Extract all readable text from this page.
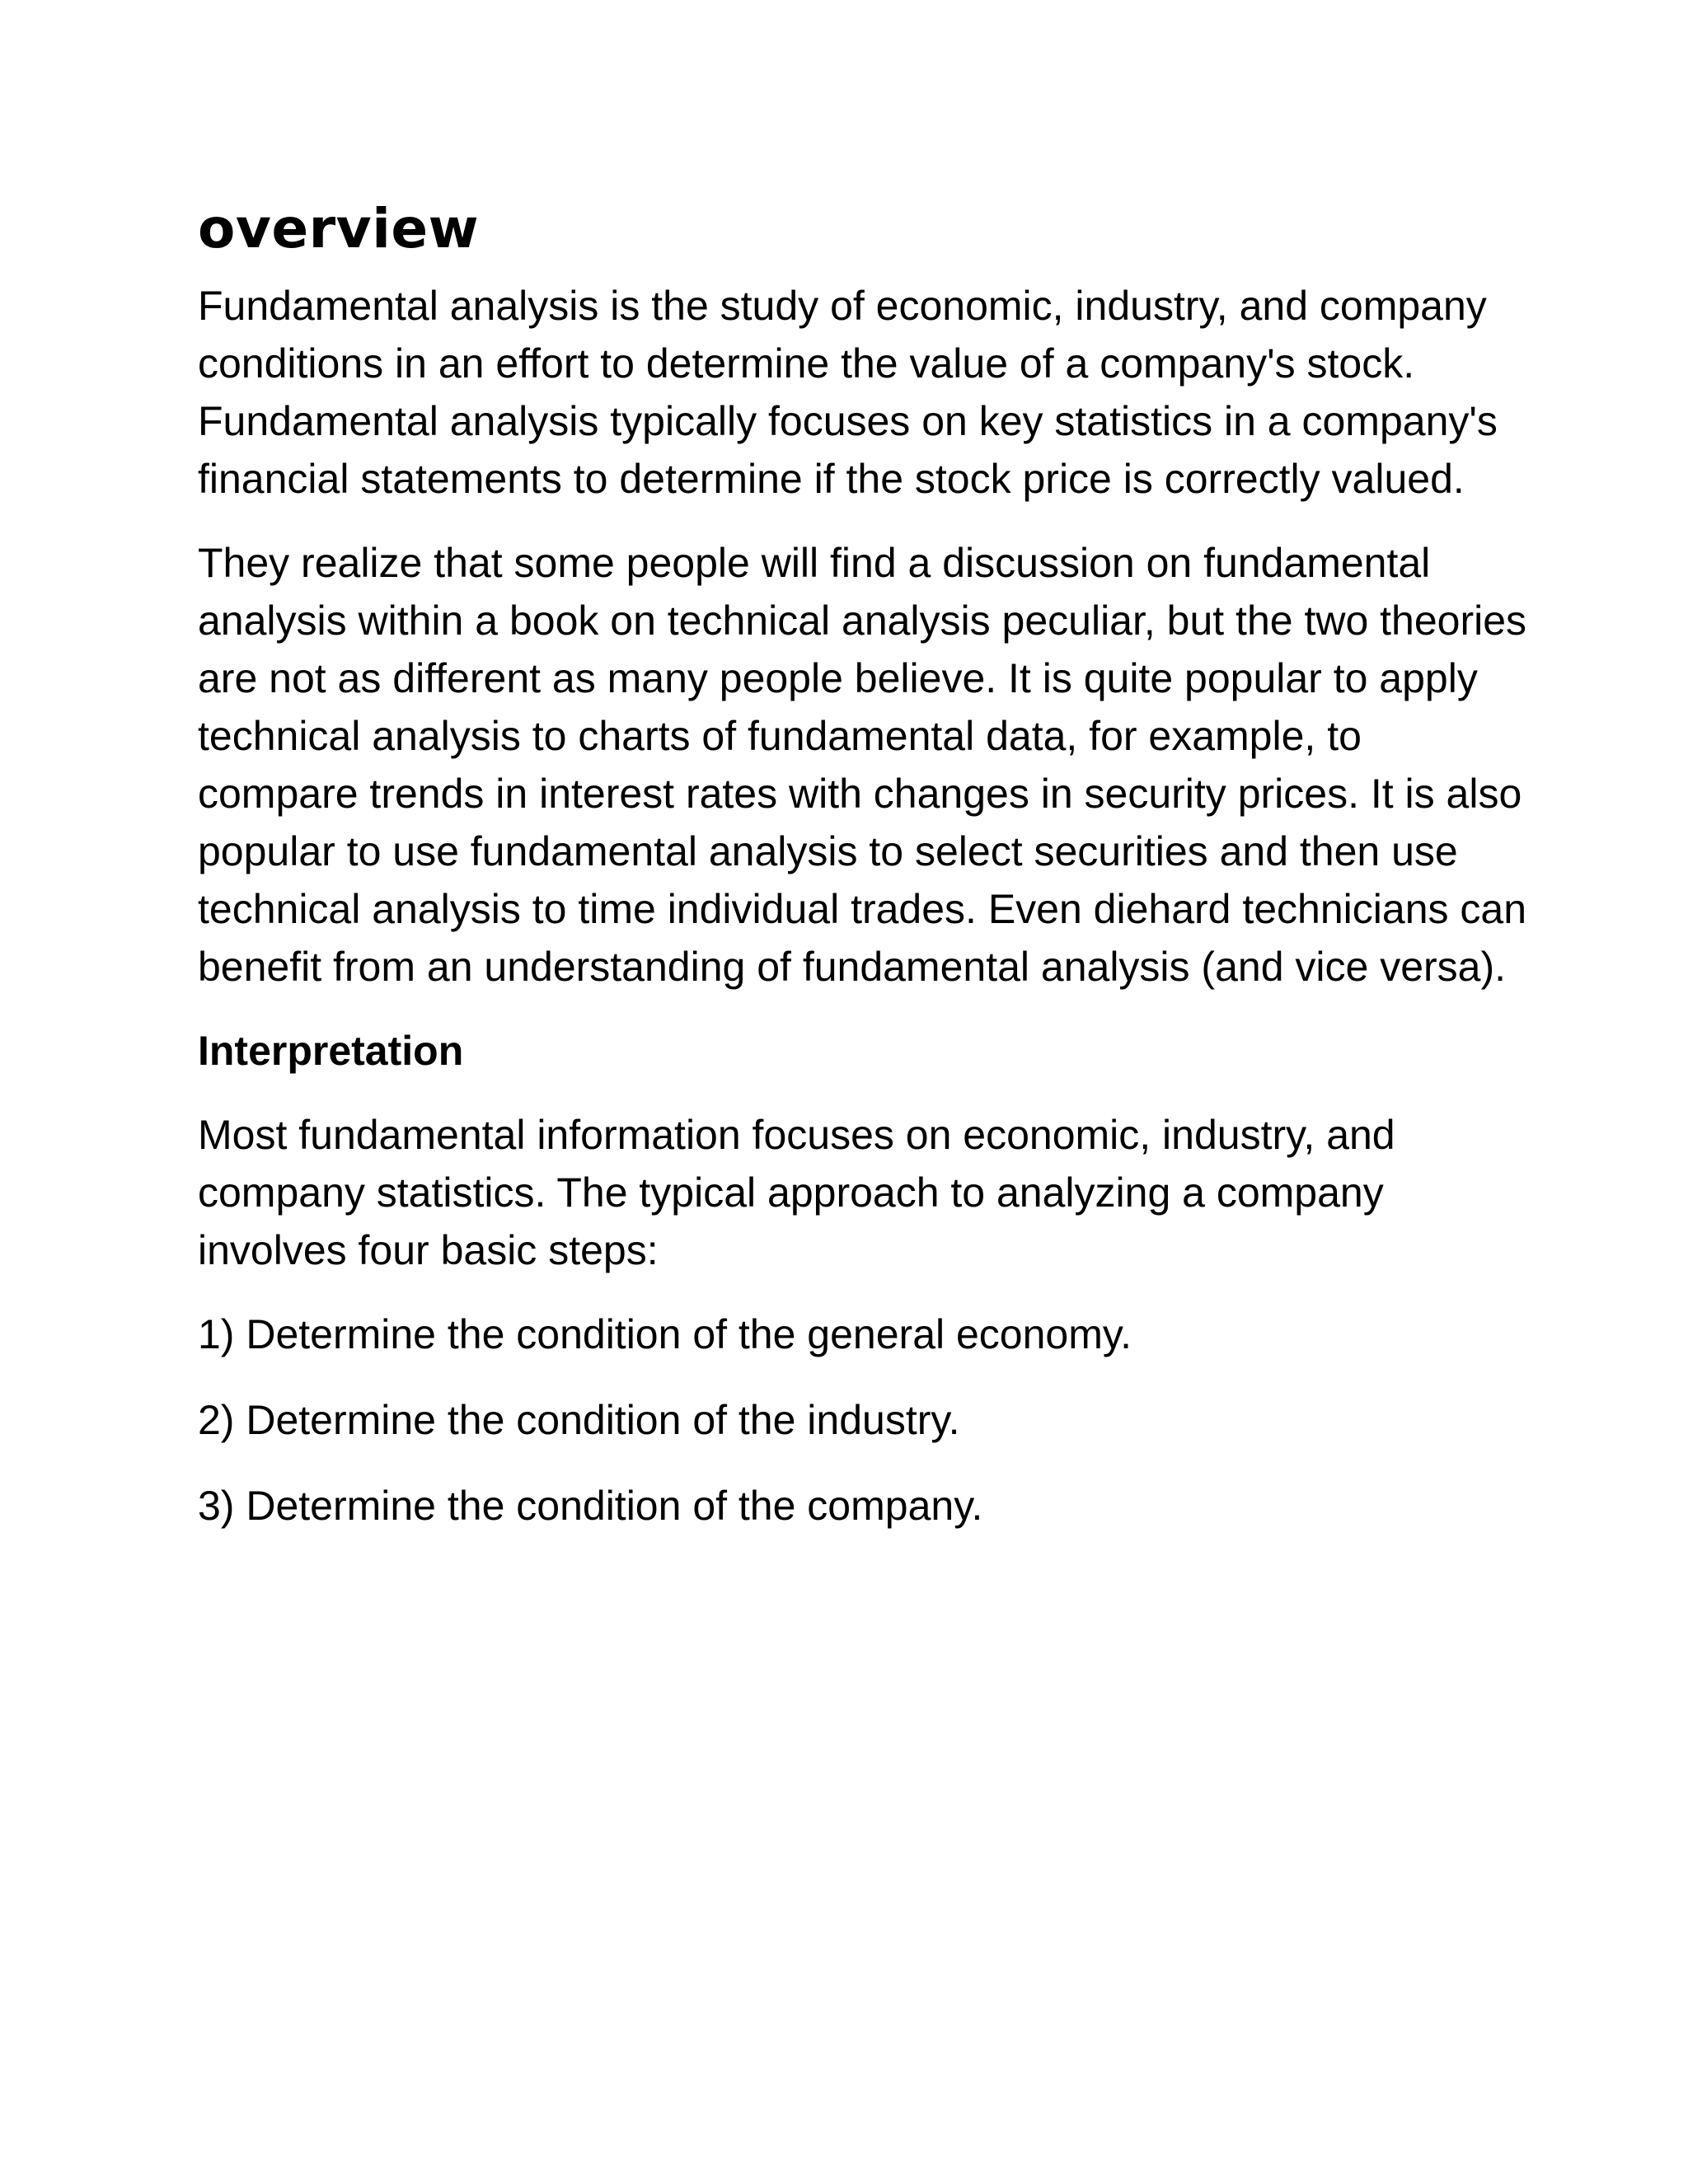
overview

Fundamental analysis is the study of economic, industry, and company conditions in an effort to determine the value of a company's stock. Fundamental analysis typically focuses on key statistics in a company's financial statements to determine if the stock price is correctly valued.

They realize that some people will find a discussion on fundamental analysis within a book on technical analysis peculiar, but the two theories are not as different as many people believe. It is quite popular to apply technical analysis to charts of fundamental data, for example, to compare trends in interest rates with changes in security prices. It is also popular to use fundamental analysis to select securities and then use technical analysis to time individual trades. Even diehard technicians can benefit from an understanding of fundamental analysis (and vice versa).

Interpretation

Most fundamental information focuses on economic, industry, and company statistics. The typical approach to analyzing a company involves four basic steps:

1) Determine the condition of the general economy.

2) Determine the condition of the industry.

3) Determine the condition of the company.
